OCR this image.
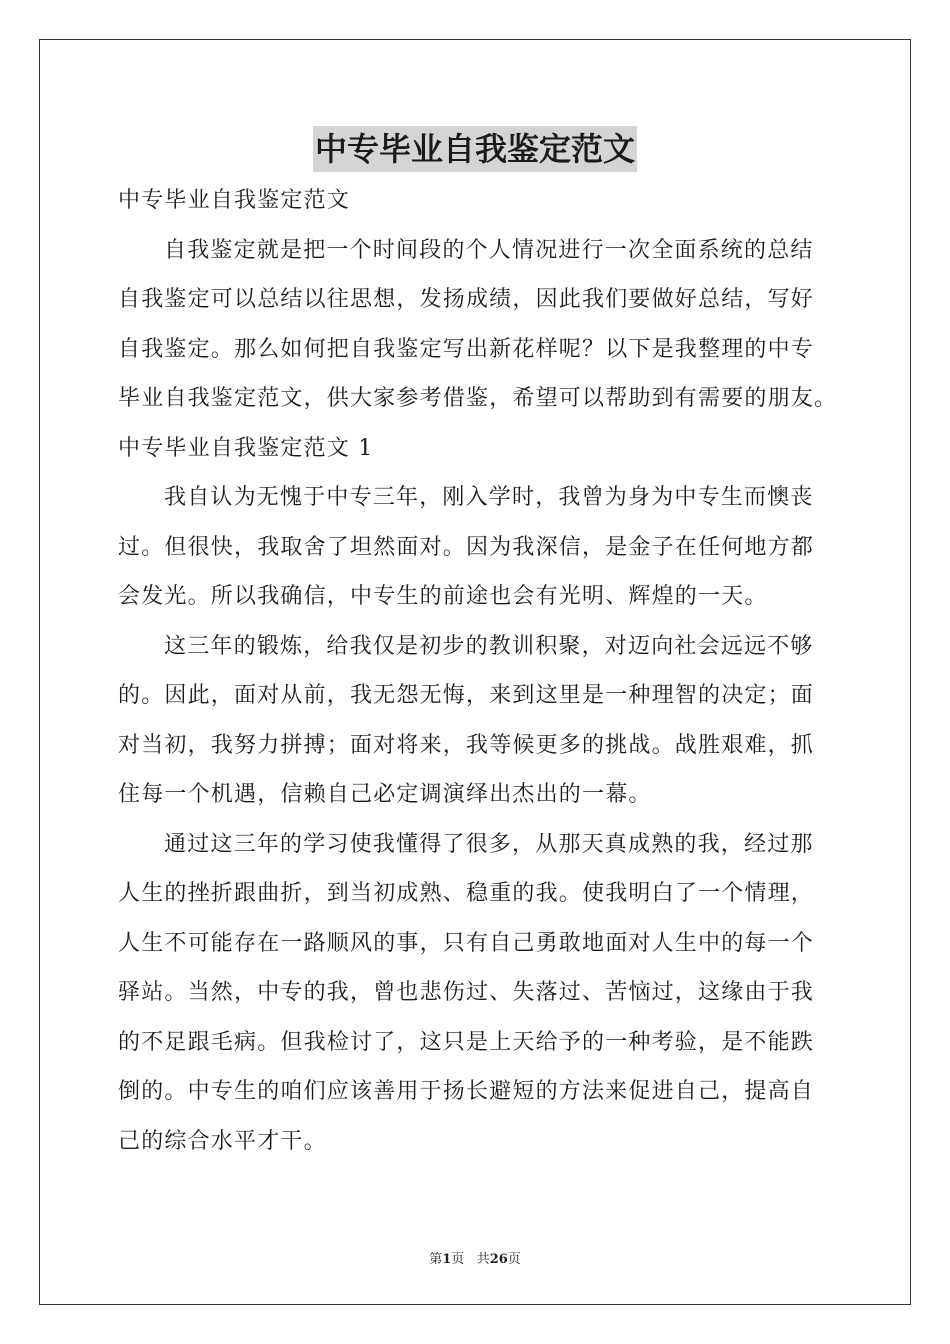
中专毕业自我鉴定范文
中专毕业自我鉴定范文
自我鉴定就是把一个时间段的个人情况进行一次全面系统的总结
自我鉴定可以总结以往思想，发扬成绩，因此我们要做好总结，写好
自我鉴定。那么如何把自我鉴定写出新花样呢？以下是我整理的中专
毕业自我鉴定范文，供大家参考借鉴，希望可以帮助到有需要的朋友。
中专毕业自我鉴定范文 1
我自认为无愧于中专三年，刚入学时，我曾为身为中专生而懊丧
过。但很快，我取舍了坦然面对。因为我深信，是金子在任何地方都
会发光。所以我确信，中专生的前途也会有光明、辉煌的一天。
这三年的锻炼，给我仅是初步的教训积聚，对迈向社会远远不够
的。因此，面对从前，我无怨无悔，来到这里是一种理智的决定；面
对当初，我努力拼搏；面对将来，我等候更多的挑战。战胜艰难，抓
住每一个机遇，信赖自己必定调演绎出杰出的一幕。
通过这三年的学习使我懂得了很多，从那天真成熟的我，经过那
人生的挫折跟曲折，到当初成熟、稳重的我。使我明白了一个情理，
人生不可能存在一路顺风的事，只有自己勇敢地面对人生中的每一个
驿站。当然，中专的我，曾也悲伤过、失落过、苦恼过，这缘由于我
的不足跟毛病。但我检讨了，这只是上天给予的一种考验，是不能跌
倒的。中专生的咱们应该善用于扬长避短的方法来促进自己，提高自
己的综合水平才干。
第1页 共26页
